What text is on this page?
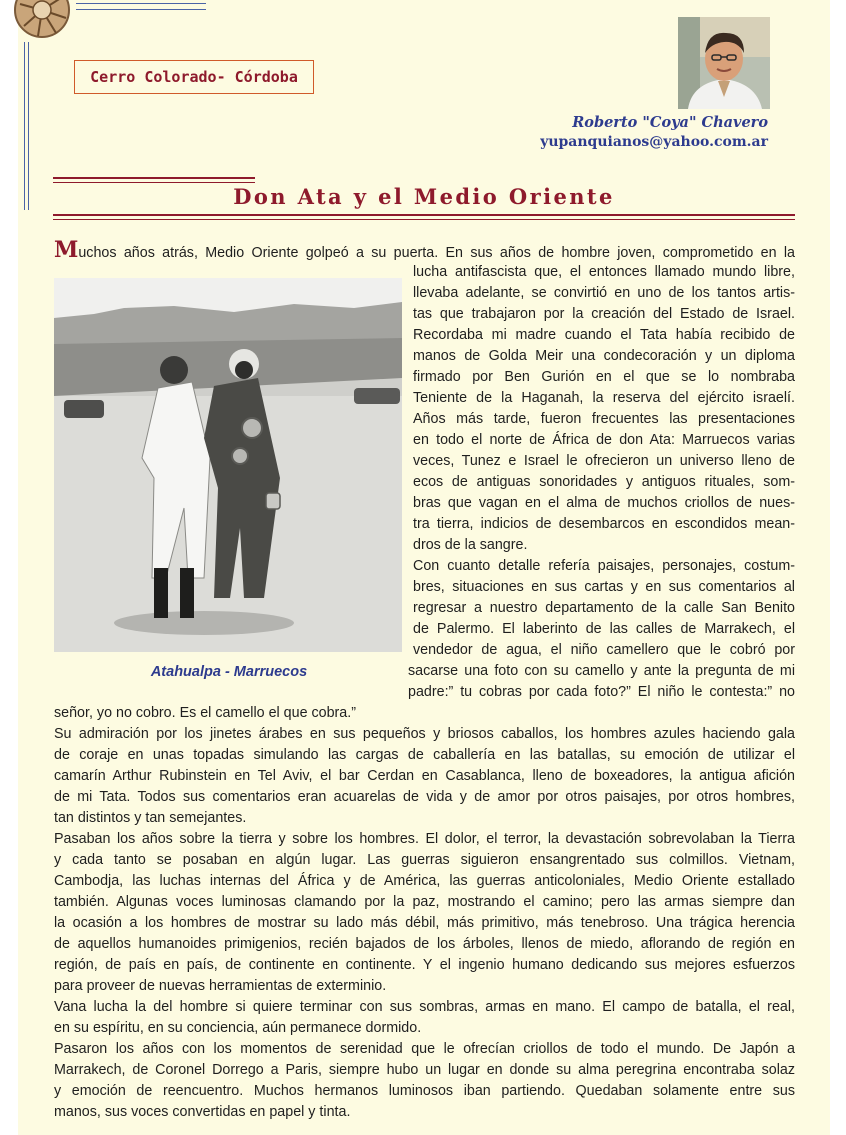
Cerro Colorado- Córdoba
Roberto "Coya" Chavero
yupanquianos@yahoo.com.ar
Don Ata y el Medio Oriente
Atahualpa - Marruecos
Muchos años atrás, Medio Oriente golpeó a su puerta. En sus años de hombre joven, comprometido en la
lucha antifascista que, el entonces llamado mundo libre,
llevaba adelante, se convirtió en uno de los tantos artis-
tas que trabajaron por la creación del Estado de Israel.
Recordaba mi madre cuando el Tata había recibido de
manos de Golda Meir una condecoración y un diploma
firmado por Ben Gurión en el que se lo nombraba
Teniente de la Haganah, la reserva del ejército israelí.
Años más tarde, fueron frecuentes las presentaciones
en todo el norte de África de don Ata: Marruecos varias
veces, Tunez e Israel le ofrecieron un universo lleno de
ecos de antiguas sonoridades y antiguos rituales, som-
bras que vagan en el alma de muchos criollos de nues-
tra tierra, indicios de desembarcos en escondidos mean-
dros de la sangre.
Con cuanto detalle refería paisajes, personajes, costum-
bres, situaciones en sus cartas y en sus comentarios al
regresar a nuestro departamento de la calle San Benito
de Palermo. El laberinto de las calles de Marrakech, el
vendedor de agua, el niño camellero que le cobró por
sacarse una foto con su camello y ante la pregunta de mi
padre:” tu cobras por cada foto?” El niño le contesta:” no
señor, yo no cobro. Es el camello el que cobra.”
Su admiración por los jinetes árabes en sus pequeños y briosos caballos, los hombres azules haciendo gala
de coraje en unas topadas simulando las cargas de caballería en las batallas, su emoción de utilizar el
camarín Arthur Rubinstein en Tel Aviv, el bar Cerdan en Casablanca, lleno de boxeadores, la antigua afición
de mi Tata. Todos sus comentarios eran acuarelas de vida y de amor por otros paisajes, por otros hombres,
tan distintos y tan semejantes.
Pasaban los años sobre la tierra y sobre los hombres. El dolor, el terror, la devastación sobrevolaban la Tierra
y cada tanto se posaban en algún lugar. Las guerras siguieron ensangrentado sus colmillos. Vietnam,
Cambodja, las luchas internas del África y de América, las guerras anticoloniales, Medio Oriente estallado
también. Algunas voces luminosas clamando por la paz, mostrando el camino; pero las armas siempre dan
la ocasión a los hombres de mostrar su lado más débil, más primitivo, más tenebroso. Una trágica herencia
de aquellos humanoides primigenios, recién bajados de los árboles, llenos de miedo, aflorando de región en
región, de país en país, de continente en continente. Y el ingenio humano dedicando sus mejores esfuerzos
para proveer de nuevas herramientas de exterminio.
Vana lucha la del hombre si quiere terminar con sus sombras, armas en mano. El campo de batalla, el real,
en su espíritu, en su conciencia, aún permanece dormido.
Pasaron los años con los momentos de serenidad que le ofrecían criollos de todo el mundo. De Japón a
Marrakech, de Coronel Dorrego a Paris, siempre hubo un lugar en donde su alma peregrina encontraba solaz
y emoción de reencuentro. Muchos hermanos luminosos iban partiendo. Quedaban solamente entre sus
manos, sus voces convertidas en papel y tinta.
